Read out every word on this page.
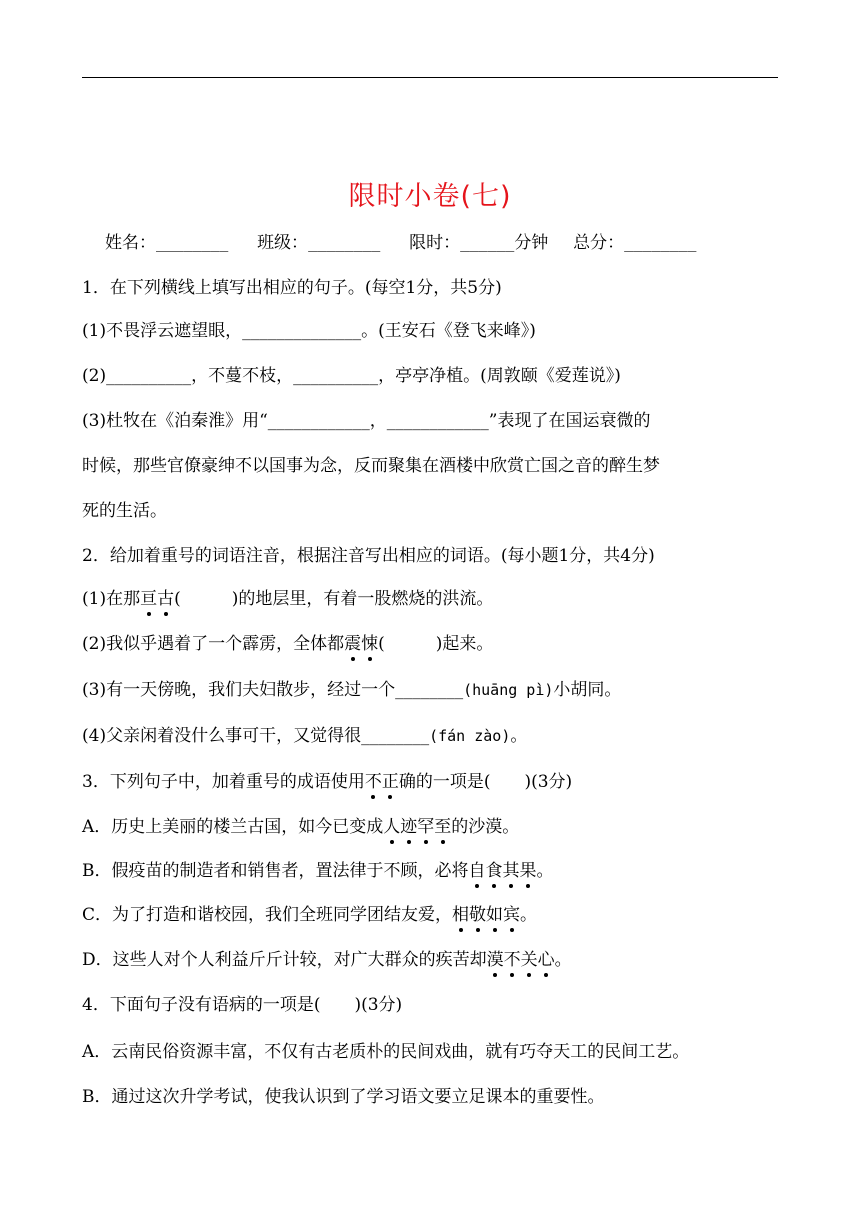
限时小卷(七)
姓名：________ 班级：________ 限时：______分钟 总分：________
1．在下列横线上填写出相应的句子。(每空1分，共5分)
(1)不畏浮云遮望眼，______________。(王安石《登飞来峰》)
(2)__________，不蔓不枝，__________，亭亭净植。(周敦颐《爱莲说》)
(3)杜牧在《泊秦淮》用“____________，____________”表现了在国运衰微的
时候，那些官僚豪绅不以国事为念，反而聚集在酒楼中欣赏亡国之音的醉生梦
死的生活。
2．给加着重号的词语注音，根据注音写出相应的词语。(每小题1分，共4分)
(1)在那亘古(　　　)的地层里，有着一股燃烧的洪流。
(2)我似乎遇着了一个霹雳，全体都震悚(　　　)起来。
(3)有一天傍晚，我们夫妇散步，经过一个________(huāng pì)小胡同。
(4)父亲闲着没什么事可干，又觉得很________(fán zào)。
3．下列句子中，加着重号的成语使用不正确的一项是(　　)(3分)
A．历史上美丽的楼兰古国，如今已变成人迹罕至的沙漠。
B．假疫苗的制造者和销售者，置法律于不顾，必将自食其果。
C．为了打造和谐校园，我们全班同学团结友爱，相敬如宾。
D．这些人对个人利益斤斤计较，对广大群众的疾苦却漠不关心。
4．下面句子没有语病的一项是(　　)(3分)
A．云南民俗资源丰富，不仅有古老质朴的民间戏曲，就有巧夺天工的民间工艺。
B．通过这次升学考试，使我认识到了学习语文要立足课本的重要性。
